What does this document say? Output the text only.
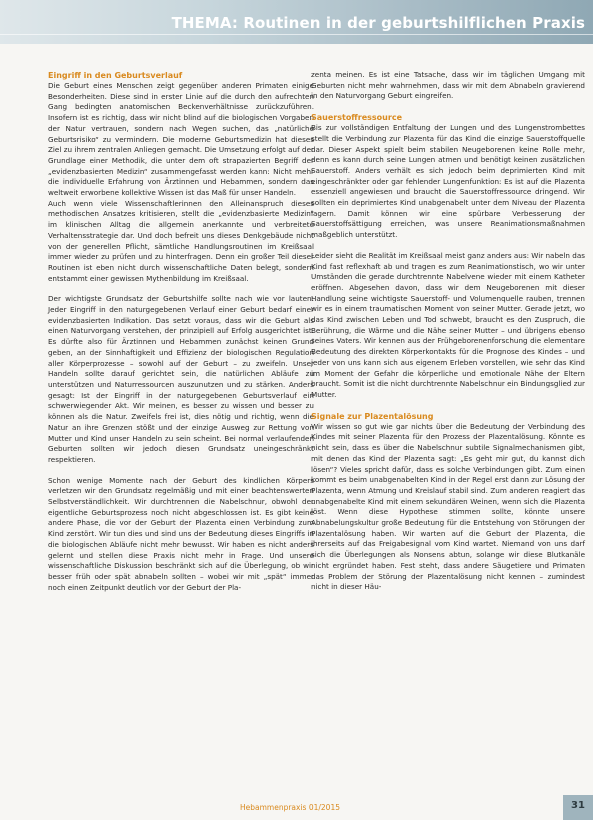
THEMA: Routinen in der geburtshilflichen Praxis
Eingriff in den Geburtsverlauf

Die Geburt eines Menschen zeigt gegenüber anderen Primaten einige Besonderheiten. Diese sind in erster Linie auf die durch den aufrechten Gang bedingten anatomischen Beckenverhältnisse zurückzuführen. Insofern ist es richtig, dass wir nicht blind auf die biologischen Vorgaben der Natur vertrauen, sondern nach Wegen suchen, das „natürliche Geburtsrisiko“ zu vermindern. Die moderne Geburtsmedizin hat dieses Ziel zu ihrem zentralen Anliegen gemacht. Die Umsetzung erfolgt auf der Grundlage einer Methodik, die unter dem oft strapazierten Begriff der „evidenzbasierten Medizin“ zusammengefasst werden kann: Nicht mehr die individuelle Erfahrung von Ärztinnen und Hebammen, sondern das weltweit erworbene kollektive Wissen ist das Maß für unser Handeln.

Auch wenn viele Wissenschaftlerinnen den Alleinanspruch dieses methodischen Ansatzes kritisieren, stellt die „evidenzbasierte Medizin“ im klinischen Alltag die allgemein anerkannte und verbreitete Verhaltensstrategie dar. Und doch befreit uns dieses Denkgebäude nicht von der generellen Pflicht, sämtliche Handlungsroutinen im Kreißsaal immer wieder zu prüfen und zu hinterfragen. Denn ein großer Teil dieser Routinen ist eben nicht durch wissenschaftliche Daten belegt, sondern entstammt einer gewissen Mythenbildung im Kreißsaal.

Der wichtigste Grundsatz der Geburtshilfe sollte nach wie vor lauten: Jeder Eingriff in den naturgegebenen Verlauf einer Geburt bedarf einer evidenzbasierten Indikation. Das setzt voraus, dass wir die Geburt als einen Naturvorgang verstehen, der prinzipiell auf Erfolg ausgerichtet ist. Es dürfte also für Ärztinnen und Hebammen zunächst keinen Grund geben, an der Sinnhaftigkeit und Effizienz der biologischen Regulation aller Körperprozesse – sowohl auf der Geburt – zu zweifeln. Unser Handeln sollte darauf gerichtet sein, die natürlichen Abläufe zu unterstützen und Naturressourcen auszunutzen und zu stärken. Anders gesagt: Ist der Eingriff in der naturgegebenen Geburtsverlauf ein schwerwiegender Akt. Wir meinen, es besser zu wissen und besser zu können als die Natur. Zweifels frei ist, dies nötig und richtig, wenn die Natur an ihre Grenzen stößt und der einzige Ausweg zur Rettung von Mutter und Kind unser Handeln zu sein scheint. Bei normal verlaufenden Geburten sollten wir jedoch diesen Grundsatz uneingeschränkt respektieren.

Schon wenige Momente nach der Geburt des kindlichen Körpers verletzen wir den Grundsatz regelmäßig und mit einer beachtenswerten Selbstverständlichkeit. Wir durchtrennen die Nabelschnur, obwohl der eigentliche Geburtsprozess noch nicht abgeschlossen ist. Es gibt keine andere Phase, die vor der Geburt der Plazenta einen Verbindung zum Kind zerstört. Wir tun dies und sind uns der Bedeutung dieses Eingriffs in die biologischen Abläufe nicht mehr bewusst. Wir haben es nicht anders gelernt und stellen diese Praxis nicht mehr in Frage. Und unsere wissenschaftliche Diskussion beschränkt sich auf die Überlegung, ob wir besser früh oder spät abnabeln sollten – wobei wir mit „spät“ immer noch einen Zeitpunkt deutlich vor der Geburt der Pla-

zenta meinen. Es ist eine Tatsache, dass wir im täglichen Umgang mit Geburten nicht mehr wahrnehmen, dass wir mit dem Abnabeln gravierend in den Naturvorgang Geburt eingreifen.

Sauerstoffressource

Bis zur vollständigen Entfaltung der Lungen und des Lungenstrombettes stellt die Verbindung zur Plazenta für das Kind die einzige Sauerstoffquelle dar. Dieser Aspekt spielt beim stabilen Neugeborenen keine Rolle mehr, denn es kann durch seine Lungen atmen und benötigt keinen zusätzlichen Sauerstoff. Anders verhält es sich jedoch beim deprimierten Kind mit eingeschränkter oder gar fehlender Lungenfunktion: Es ist auf die Plazenta essenziell angewiesen und braucht die Sauerstoffressource dringend. Wir sollten ein deprimiertes Kind unabgenabelt unter dem Niveau der Plazenta lagern. Damit können wir eine spürbare Verbesserung der Sauerstoffsättigung erreichen, was unsere Reanimationsmaßnahmen maßgeblich unterstützt.

Leider sieht die Realität im Kreißsaal meist ganz anders aus: Wir nabeln das Kind fast reflexhaft ab und tragen es zum Reanimationstisch, wo wir unter Umständen die gerade durchtrennte Nabelvene wieder mit einem Katheter eröffnen. Abgesehen davon, dass wir dem Neugeborenen mit dieser Handlung seine wichtigste Sauerstoff- und Volumenquelle rauben, trennen wir es in einem traumatischen Moment von seiner Mutter. Gerade jetzt, wo das Kind zwischen Leben und Tod schwebt, braucht es den Zuspruch, die Berührung, die Wärme und die Nähe seiner Mutter – und übrigens ebenso seines Vaters. Wir kennen aus der Frühgeborenenforschung die elementare Bedeutung des direkten Körperkontakts für die Prognose des Kindes – und jeder von uns kann sich aus eigenem Erleben vorstellen, wie sehr das Kind im Moment der Gefahr die körperliche und emotionale Nähe der Eltern braucht. Somit ist die nicht durchtrennte Nabelschnur ein Bindungsglied zur Mutter.

Signale zur Plazentalösung

Wir wissen so gut wie gar nichts über die Bedeutung der Verbindung des Kindes mit seiner Plazenta für den Prozess der Plazentalösung. Könnte es nicht sein, dass es über die Nabelschnur subtile Signalmechanismen gibt, mit denen das Kind der Plazenta sagt: „Es geht mir gut, du kannst dich lösen“? Vieles spricht dafür, dass es solche Verbindungen gibt. Zum einen kommt es beim unabgenabelten Kind in der Regel erst dann zur Lösung der Plazenta, wenn Atmung und Kreislauf stabil sind. Zum anderen reagiert das unabgenabelte Kind mit einem sekundären Weinen, wenn sich die Plazenta löst. Wenn diese Hypothese stimmen sollte, könnte unsere Abnabelungskultur große Bedeutung für die Entstehung von Störungen der Plazentalösung haben. Wir warten auf die Geburt der Plazenta, die ihrerseits auf das Freigabesignal vom Kind wartet. Niemand von uns darf sich die Überlegungen als Nonsens abtun, solange wir diese Blutkanäle nicht ergründet haben. Fest steht, dass andere Säugetiere und Primaten das Problem der Störung der Plazentalösung nicht kennen – zumindest nicht in dieser Häu-

Hebammenpraxis 01/2015	31
